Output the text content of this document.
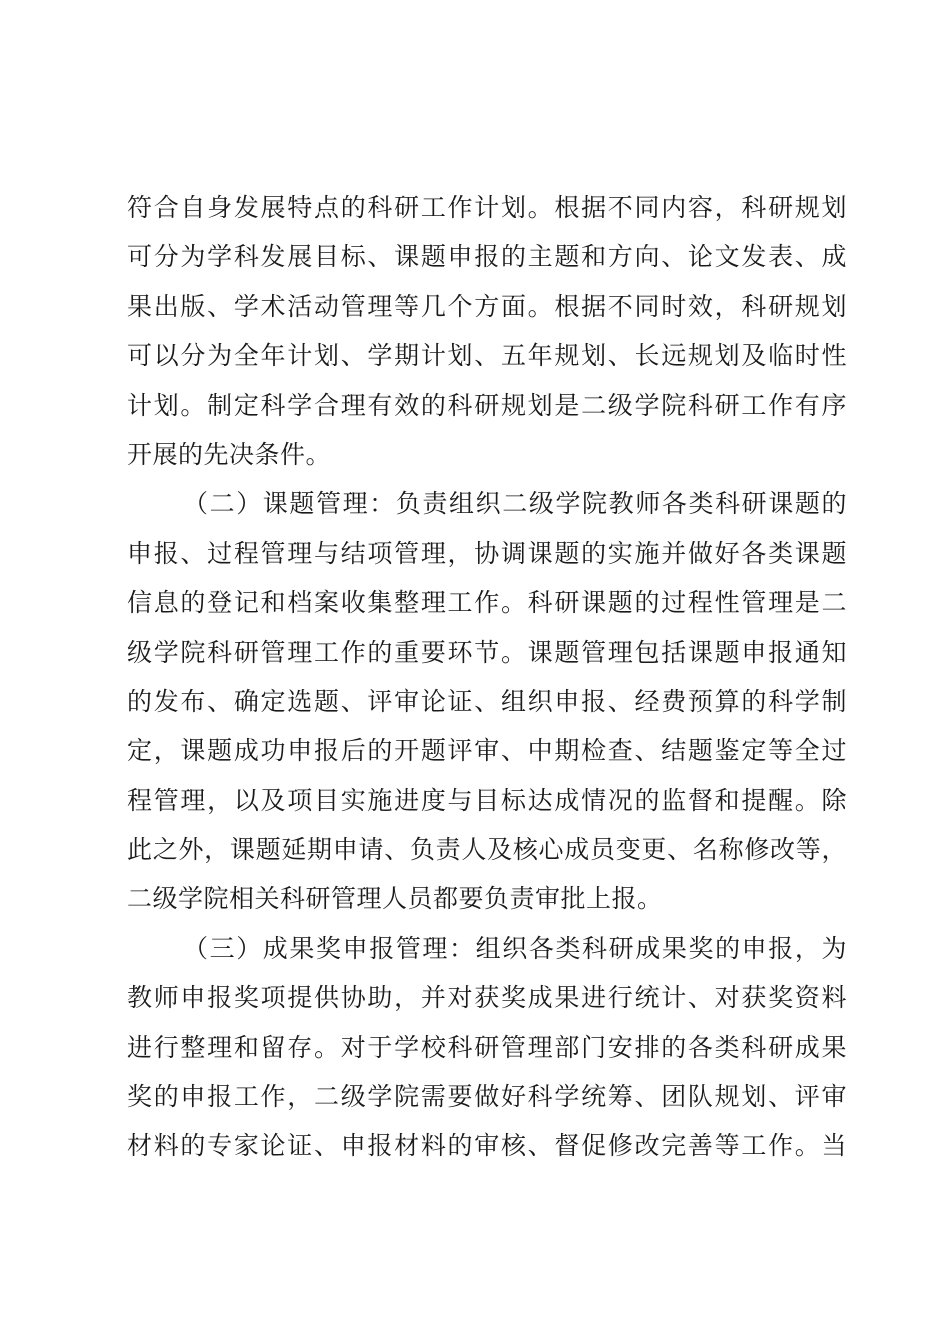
符合自身发展特点的科研工作计划。根据不同内容，科研规划
可分为学科发展目标、课题申报的主题和方向、论文发表、成
果出版、学术活动管理等几个方面。根据不同时效，科研规划
可以分为全年计划、学期计划、五年规划、长远规划及临时性
计划。制定科学合理有效的科研规划是二级学院科研工作有序
开展的先决条件。
（二）课题管理：负责组织二级学院教师各类科研课题的
申报、过程管理与结项管理，协调课题的实施并做好各类课题
信息的登记和档案收集整理工作。科研课题的过程性管理是二
级学院科研管理工作的重要环节。课题管理包括课题申报通知
的发布、确定选题、评审论证、组织申报、经费预算的科学制
定，课题成功申报后的开题评审、中期检查、结题鉴定等全过
程管理，以及项目实施进度与目标达成情况的监督和提醒。除
此之外，课题延期申请、负责人及核心成员变更、名称修改等，
二级学院相关科研管理人员都要负责审批上报。
（三）成果奖申报管理：组织各类科研成果奖的申报，为
教师申报奖项提供协助，并对获奖成果进行统计、对获奖资料
进行整理和留存。对于学校科研管理部门安排的各类科研成果
奖的申报工作，二级学院需要做好科学统筹、团队规划、评审
材料的专家论证、申报材料的审核、督促修改完善等工作。当
